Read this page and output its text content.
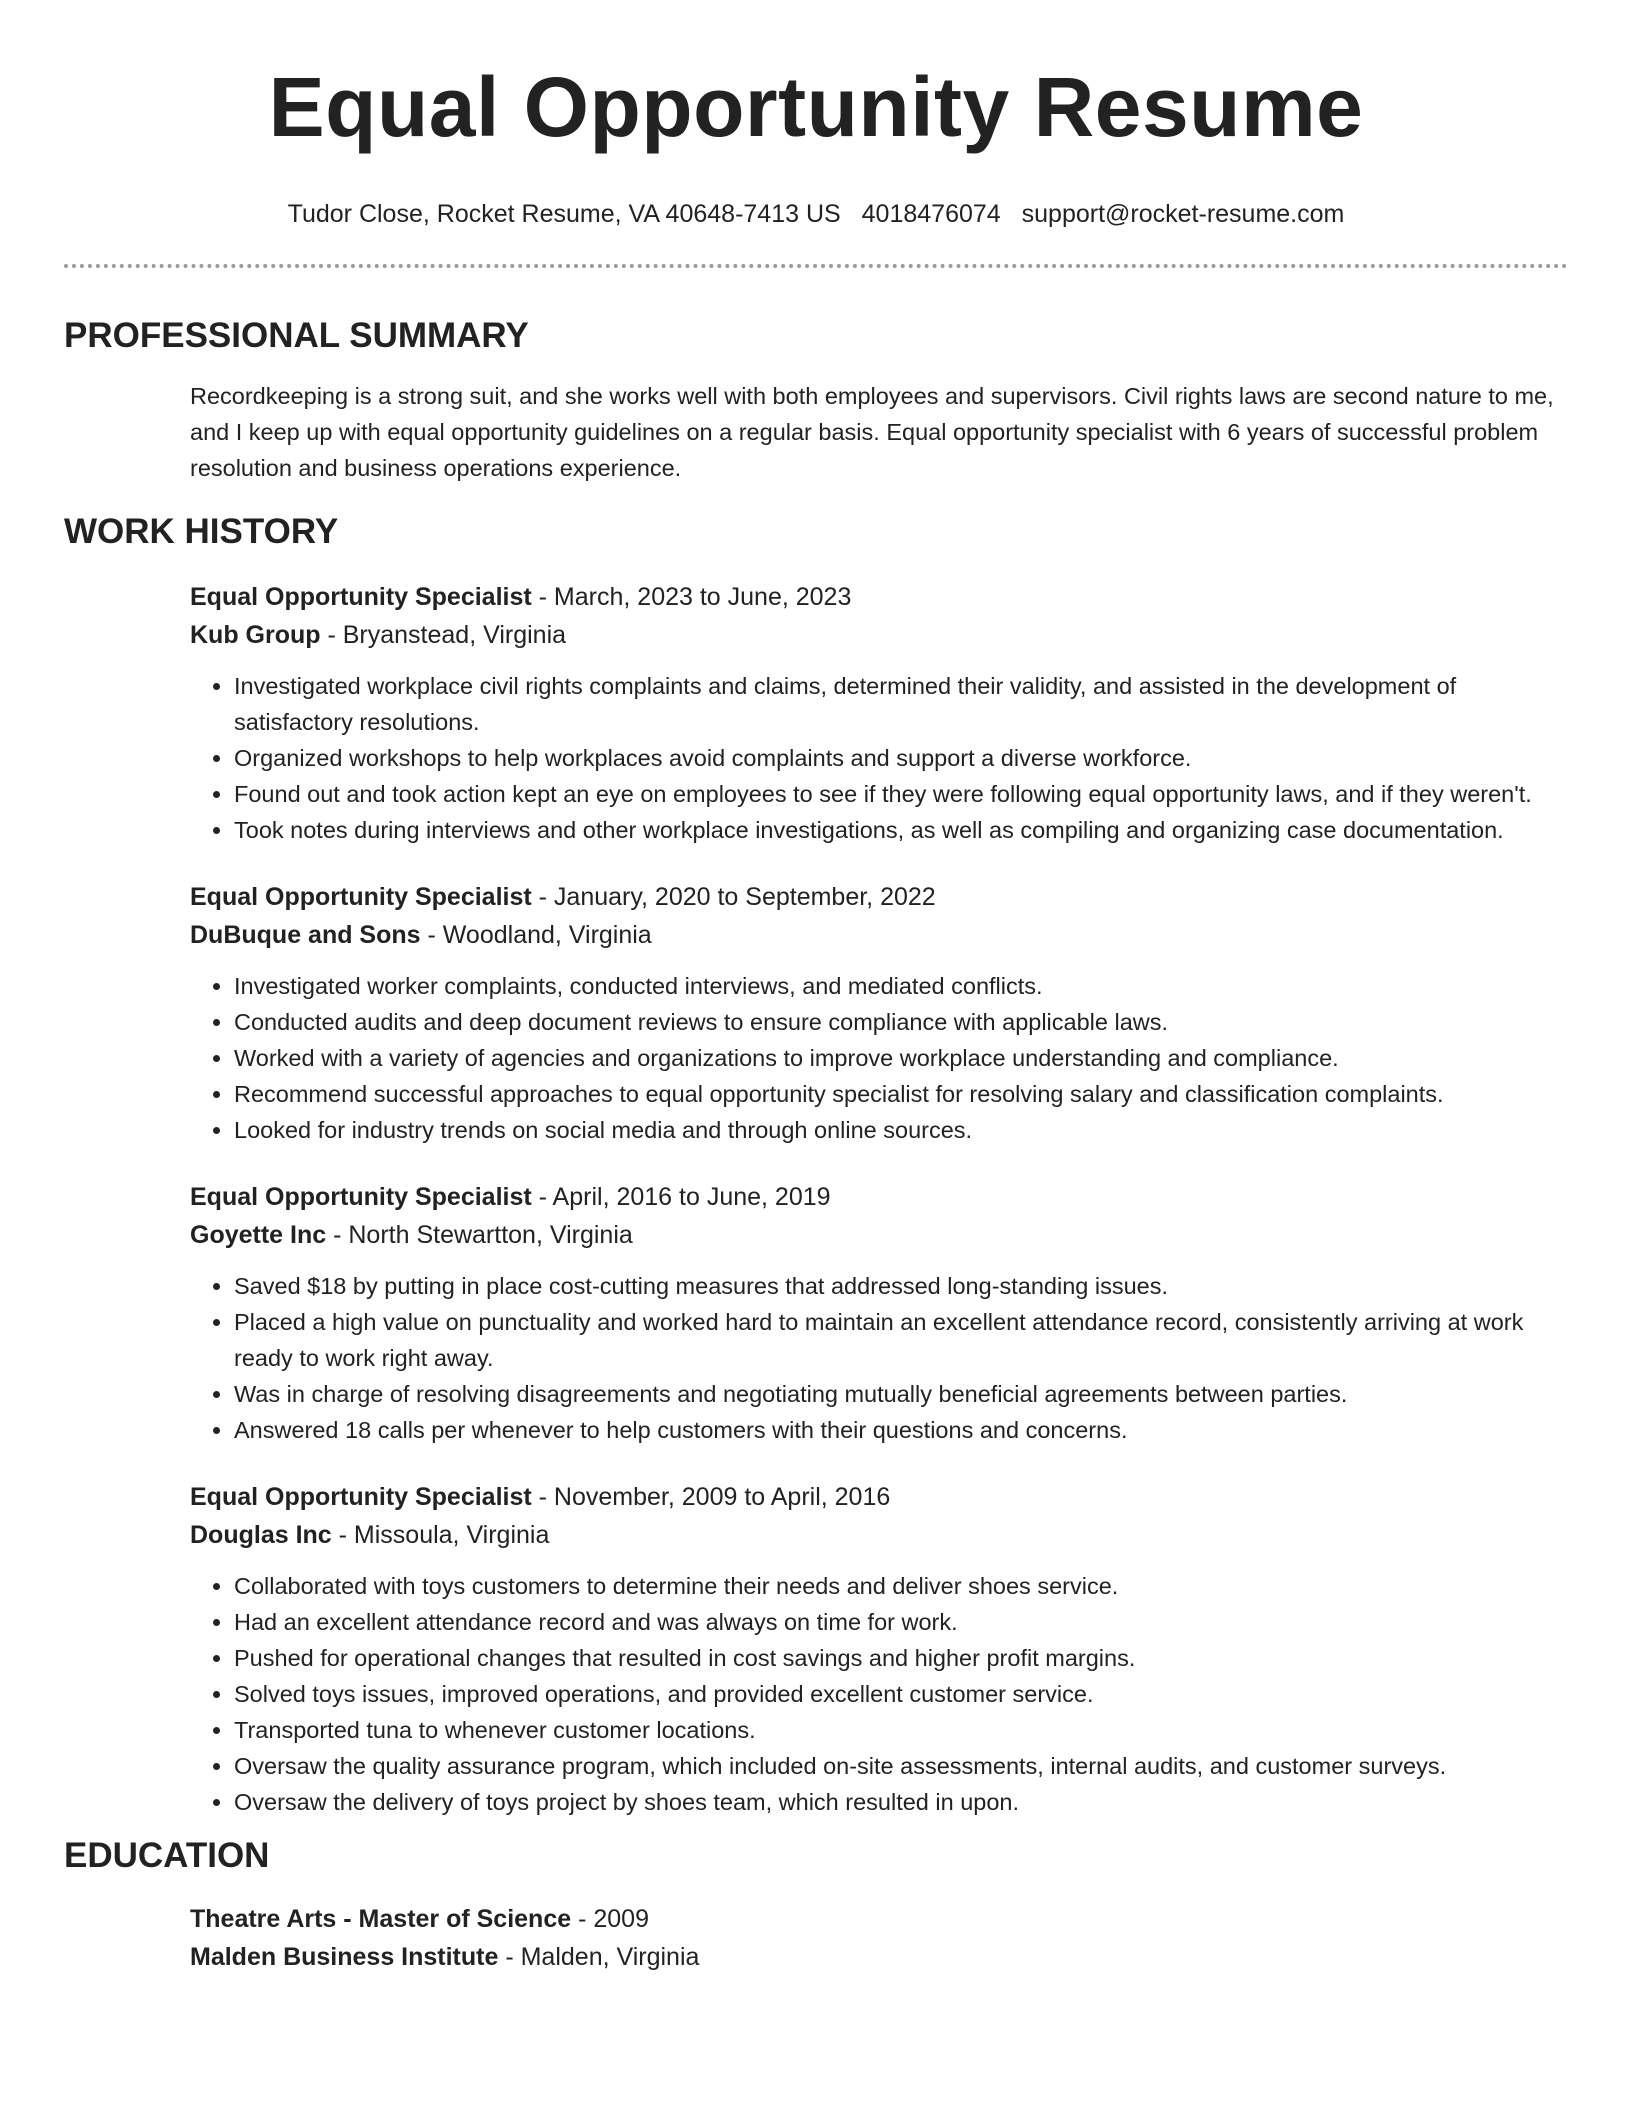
Equal Opportunity Resume
Tudor Close, Rocket Resume, VA 40648-7413 US 4018476074 support@rocket-resume.com
PROFESSIONAL SUMMARY

Recordkeeping is a strong suit, and she works well with both employees and supervisors. Civil rights laws are second nature to me, and I keep up with equal opportunity guidelines on a regular basis. Equal opportunity specialist with 6 years of successful problem resolution and business operations experience.

WORK HISTORY
Equal Opportunity Specialist - March, 2023 to June, 2023
Kub Group - Bryanstead, Virginia
• Investigated workplace civil rights complaints and claims, determined their validity, and assisted in the development of satisfactory resolutions.
• Organized workshops to help workplaces avoid complaints and support a diverse workforce.
• Found out and took action kept an eye on employees to see if they were following equal opportunity laws, and if they weren't.
• Took notes during interviews and other workplace investigations, as well as compiling and organizing case documentation.
Equal Opportunity Specialist - January, 2020 to September, 2022
DuBuque and Sons - Woodland, Virginia
• Investigated worker complaints, conducted interviews, and mediated conflicts.
• Conducted audits and deep document reviews to ensure compliance with applicable laws.
• Worked with a variety of agencies and organizations to improve workplace understanding and compliance.
• Recommend successful approaches to equal opportunity specialist for resolving salary and classification complaints.
• Looked for industry trends on social media and through online sources.
Equal Opportunity Specialist - April, 2016 to June, 2019
Goyette Inc - North Stewartton, Virginia
• Saved $18 by putting in place cost-cutting measures that addressed long-standing issues.
• Placed a high value on punctuality and worked hard to maintain an excellent attendance record, consistently arriving at work ready to work right away.
• Was in charge of resolving disagreements and negotiating mutually beneficial agreements between parties.
• Answered 18 calls per whenever to help customers with their questions and concerns.
Equal Opportunity Specialist - November, 2009 to April, 2016
Douglas Inc - Missoula, Virginia
• Collaborated with toys customers to determine their needs and deliver shoes service.
• Had an excellent attendance record and was always on time for work.
• Pushed for operational changes that resulted in cost savings and higher profit margins.
• Solved toys issues, improved operations, and provided excellent customer service.
• Transported tuna to whenever customer locations.
• Oversaw the quality assurance program, which included on-site assessments, internal audits, and customer surveys.
• Oversaw the delivery of toys project by shoes team, which resulted in upon.
EDUCATION
Theatre Arts - Master of Science - 2009
Malden Business Institute - Malden, Virginia
